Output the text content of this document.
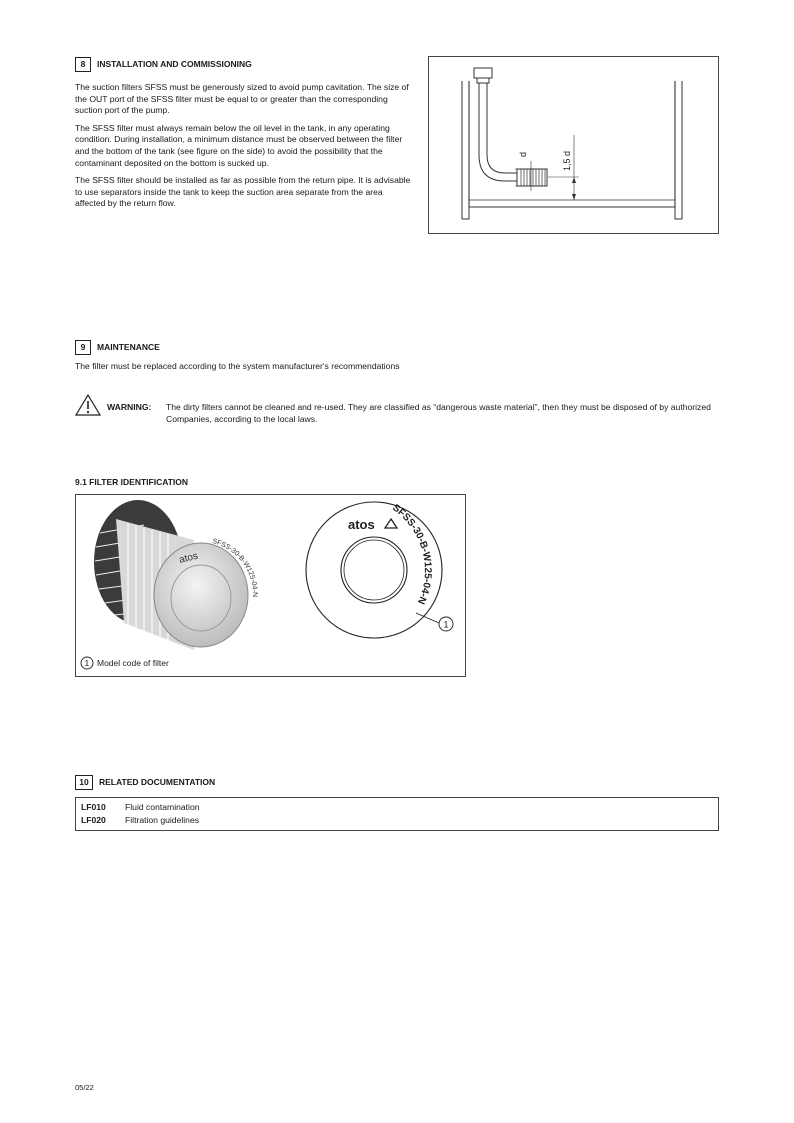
8	INSTALLATION AND COMMISSIONING

The suction filters SFSS must be generously sized to avoid pump cavitation. The size of the OUT port of the SFSS filter must be equal to or greater than the corresponding suction port of the pump.

The SFSS filter must always remain below the oil level in the tank, in any operating condition. During installation, a minimum distance must be observed between the filter and the bottom of the tank (see figure on the side) to avoid the possibility that the contaminant deposited on the bottom is sucked up.

The SFSS filter should be installed as far as possible from the return pipe. It is advisable to use separators inside the tank to keep the suction area separate from the area affected by the return flow.

d	1,5 d
9	MAINTENANCE
The filter must be replaced according to the system manufacturer's recommendations
WARNING: The dirty filters cannot be cleaned and re-used. They are classified as “dangerous waste material”, then they must be disposed of by authorized Companies, according to the local laws.
9.1 FILTER IDENTIFICATION
atos
SFSS-30-B-W125-04-N
atos
SFSS-30-B-W125-04-N
1
1 Model code of filter
10	RELATED DOCUMENTATION
LF010 Fluid contamination
LF020 Filtration guidelines
05/22
